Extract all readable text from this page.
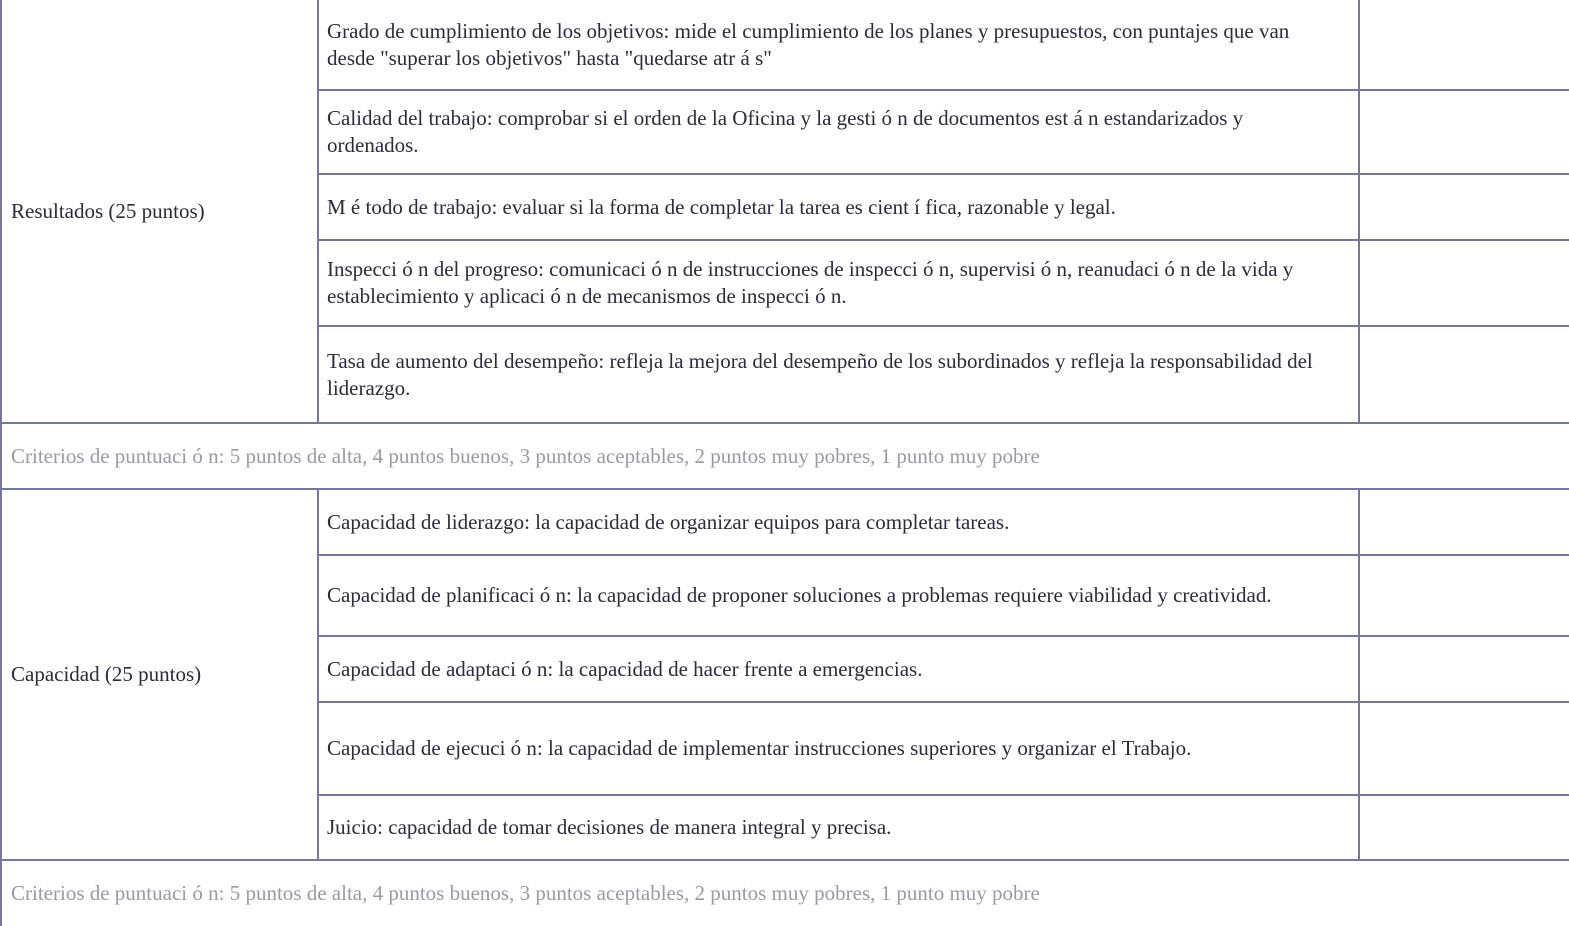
Resultados (25 puntos)	Grado de cumplimiento de los objetivos: mide el cumplimiento de los planes y presupuestos, con puntajes que van desde "superar los objetivos" hasta "quedarse atr á s"	
	Calidad del trabajo: comprobar si el orden de la Oficina y la gesti ó n de documentos est á n estandarizados y ordenados.	
	M é todo de trabajo: evaluar si la forma de completar la tarea es cient í fica, razonable y legal.	
	Inspecci ó n del progreso: comunicaci ó n de instrucciones de inspecci ó n, supervisi ó n, reanudaci ó n de la vida y establecimiento y aplicaci ó n de mecanismos de inspecci ó n.	
	Tasa de aumento del desempeño: refleja la mejora del desempeño de los subordinados y refleja la responsabilidad del liderazgo.	
Criterios de puntuaci ó n: 5 puntos de alta, 4 puntos buenos, 3 puntos aceptables, 2 puntos muy pobres, 1 punto muy pobre		
Capacidad (25 puntos)	Capacidad de liderazgo: la capacidad de organizar equipos para completar tareas.	
	Capacidad de planificaci ó n: la capacidad de proponer soluciones a problemas requiere viabilidad y creatividad.	
	Capacidad de adaptaci ó n: la capacidad de hacer frente a emergencias.	
	Capacidad de ejecuci ó n: la capacidad de implementar instrucciones superiores y organizar el Trabajo.	
	Juicio: capacidad de tomar decisiones de manera integral y precisa.	
Criterios de puntuaci ó n: 5 puntos de alta, 4 puntos buenos, 3 puntos aceptables, 2 puntos muy pobres, 1 punto muy pobre		
